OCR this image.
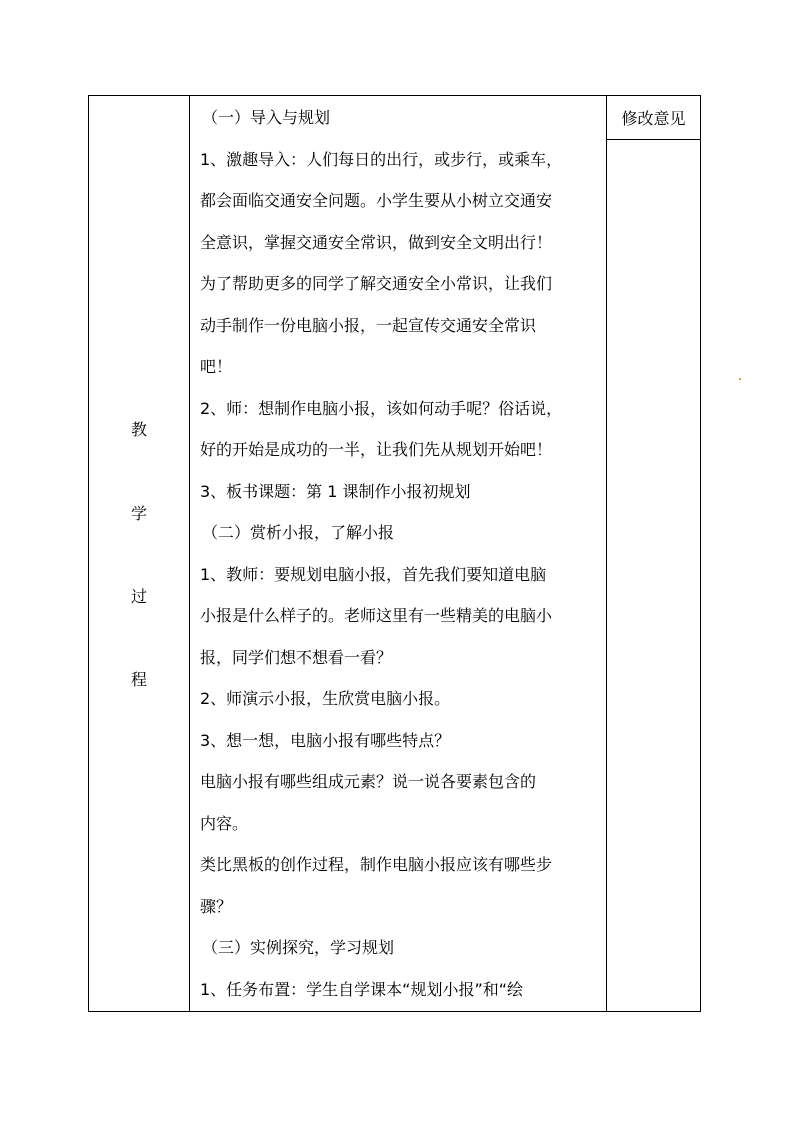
教
学
过
程
（一）导入与规划
1、激趣导入：人们每日的出行，或步行，或乘车，
都会面临交通安全问题。小学生要从小树立交通安
全意识，掌握交通安全常识，做到安全文明出行！
为了帮助更多的同学了解交通安全小常识，让我们
动手制作一份电脑小报，一起宣传交通安全常识
吧！
2、师：想制作电脑小报，该如何动手呢？俗话说，
好的开始是成功的一半，让我们先从规划开始吧！
3、板书课题：第 1 课制作小报初规划
（二）赏析小报，了解小报
1、教师：要规划电脑小报，首先我们要知道电脑
小报是什么样子的。老师这里有一些精美的电脑小
报，同学们想不想看一看？
2、师演示小报，生欣赏电脑小报。
3、想一想，电脑小报有哪些特点？
电脑小报有哪些组成元素？说一说各要素包含的
内容。
类比黑板的创作过程，制作电脑小报应该有哪些步
骤？
（三）实例探究，学习规划
1、任务布置：学生自学课本“规划小报”和“绘
修改意见
